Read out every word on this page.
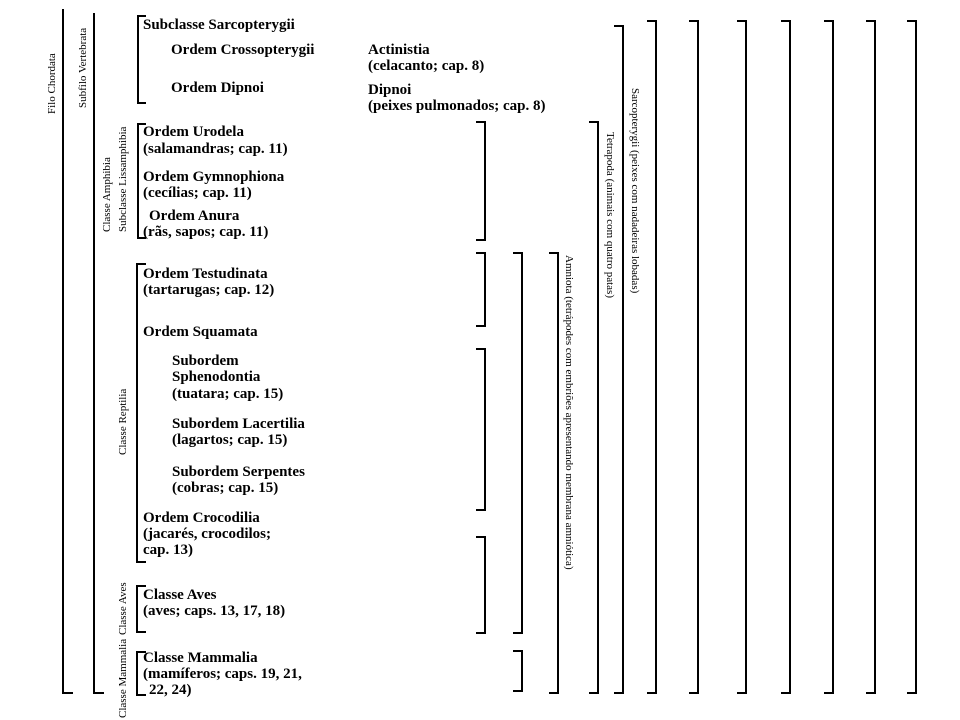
Filo Chordata Subfilo Vertebrata
Classe Amphibia Subclasse Lissamphibia
Classe Reptilia
Classe Aves
Classe Mammalia
Sarcopterygii (peixes com nadadeiras lobadas)
Tetrapoda (animais com quatro patas)
Amniota (tetrápodes com embriões apresentando membrana amniótica)
Subclasse Sarcopterygii
Ordem Crossopterygii	Actinistia
(celacanto; cap. 8)
Ordem Dipnoi	Dipnoi
(peixes pulmonados; cap. 8)
Ordem Urodela
(salamandras; cap. 11)
Ordem Gymnophiona
(cecílias; cap. 11)
Ordem Anura
(rãs, sapos; cap. 11)
Ordem Testudinata
(tartarugas; cap. 12)
Ordem Squamata
Subordem
Sphenodontia
(tuatara; cap. 15)
Subordem Lacertilia
(lagartos; cap. 15)
Subordem Serpentes
(cobras; cap. 15)
Ordem Crocodilia
(jacarés, crocodilos;
cap. 13)
Classe Aves
(aves; caps. 13, 17, 18)
Classe Mammalia
(mamíferos; caps. 19, 21,
22, 24)
